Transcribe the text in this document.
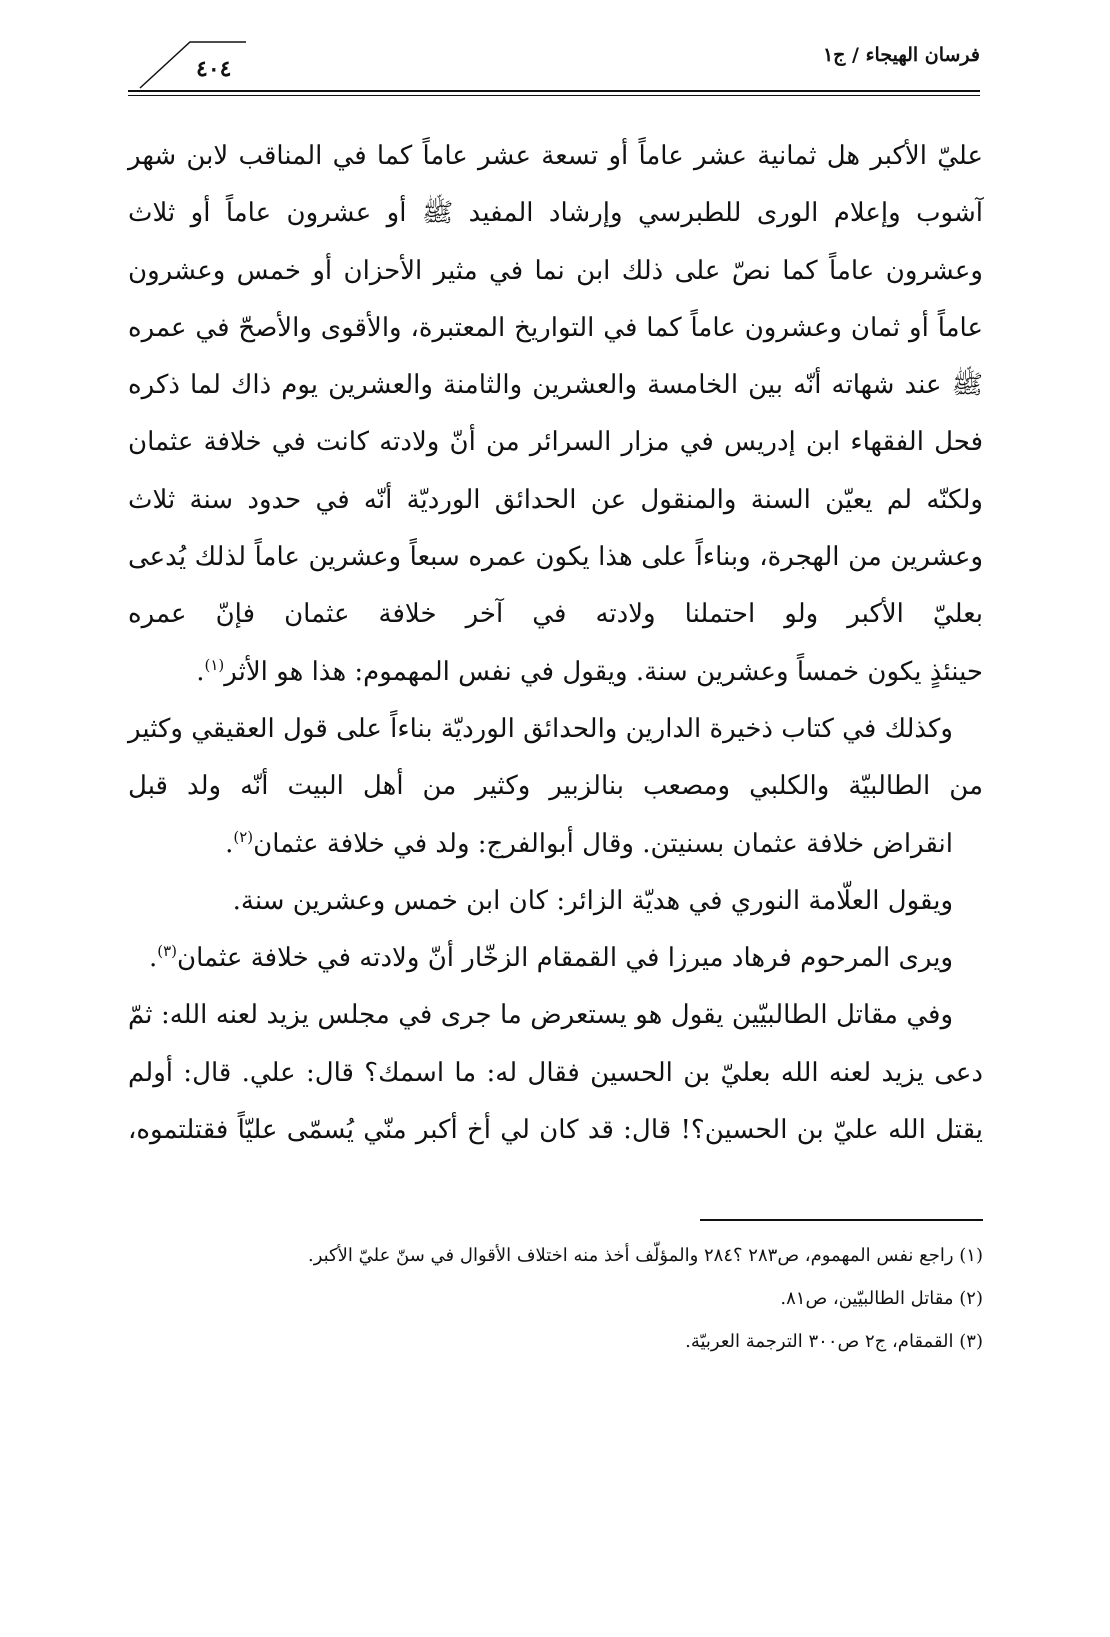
فرسان الهيجاء / ج١
٤٠٤

عليّ الأكبر هل ثمانية عشر عاماً أو تسعة عشر عاماً كما في المناقب لابن شهر آشوب وإعلام الورى للطبرسي وإرشاد المفيد ﷺ أو عشرون عاماً أو ثلاث وعشرون عاماً كما نصّ على ذلك ابن نما في مثير الأحزان أو خمس وعشرون عاماً أو ثمان وعشرون عاماً كما في التواريخ المعتبرة، والأقوى والأصحّ في عمره ﷺ عند شهاته أنّه بين الخامسة والعشرين والثامنة والعشرين يوم ذاك لما ذكره فحل الفقهاء ابن إدريس في مزار السرائر من أنّ ولادته كانت في خلافة عثمان ولكنّه لم يعيّن السنة والمنقول عن الحدائق الورديّة أنّه في حدود سنة ثلاث وعشرين من الهجرة، وبناءاً على هذا يكون عمره سبعاً وعشرين عاماً لذلك يُدعى بعليّ الأكبر ولو احتملنا ولادته في آخر خلافة عثمان فإنّ عمره
حينئذٍ يكون خمساً وعشرين سنة. ويقول في نفس المهموم: هذا هو الأثر$^{(١)}$.

وكذلك في كتاب ذخيرة الدارين والحدائق الورديّة بناءاً على قول العقيقي وكثير من الطالبيّة والكلبي ومصعب بنالزبير وكثير من أهل البيت أنّه ولد قبل
انقراض خلافة عثمان بسنيتن. وقال أبوالفرج: ولد في خلافة عثمان$^{(٢)}$.

ويقول العلّامة النوري في هديّة الزائر: كان ابن خمس وعشرين سنة.

ويرى المرحوم فرهاد ميرزا في القمقام الزخّار أنّ ولادته في خلافة عثمان$^{(٣)}$.

وفي مقاتل الطالبيّين يقول هو يستعرض ما جرى في مجلس يزيد لعنه الله: ثمّ دعى يزيد لعنه الله بعليّ بن الحسين فقال له: ما اسمك؟ قال: علي. قال: أولم يقتل الله عليّ بن الحسين؟! قال: قد كان لي أخ أكبر منّي يُسمّى عليّاً فقتلتموه،

(١) راجع نفس المهموم، ص٢٨٣ ؟٢٨٤ والمؤلّف أخذ منه اختلاف الأقوال في سنّ عليّ الأكبر.

(٢) مقاتل الطالبيّين، ص٨١.

(٣) القمقام، ج٢ ص٣٠٠ الترجمة العربيّة.
